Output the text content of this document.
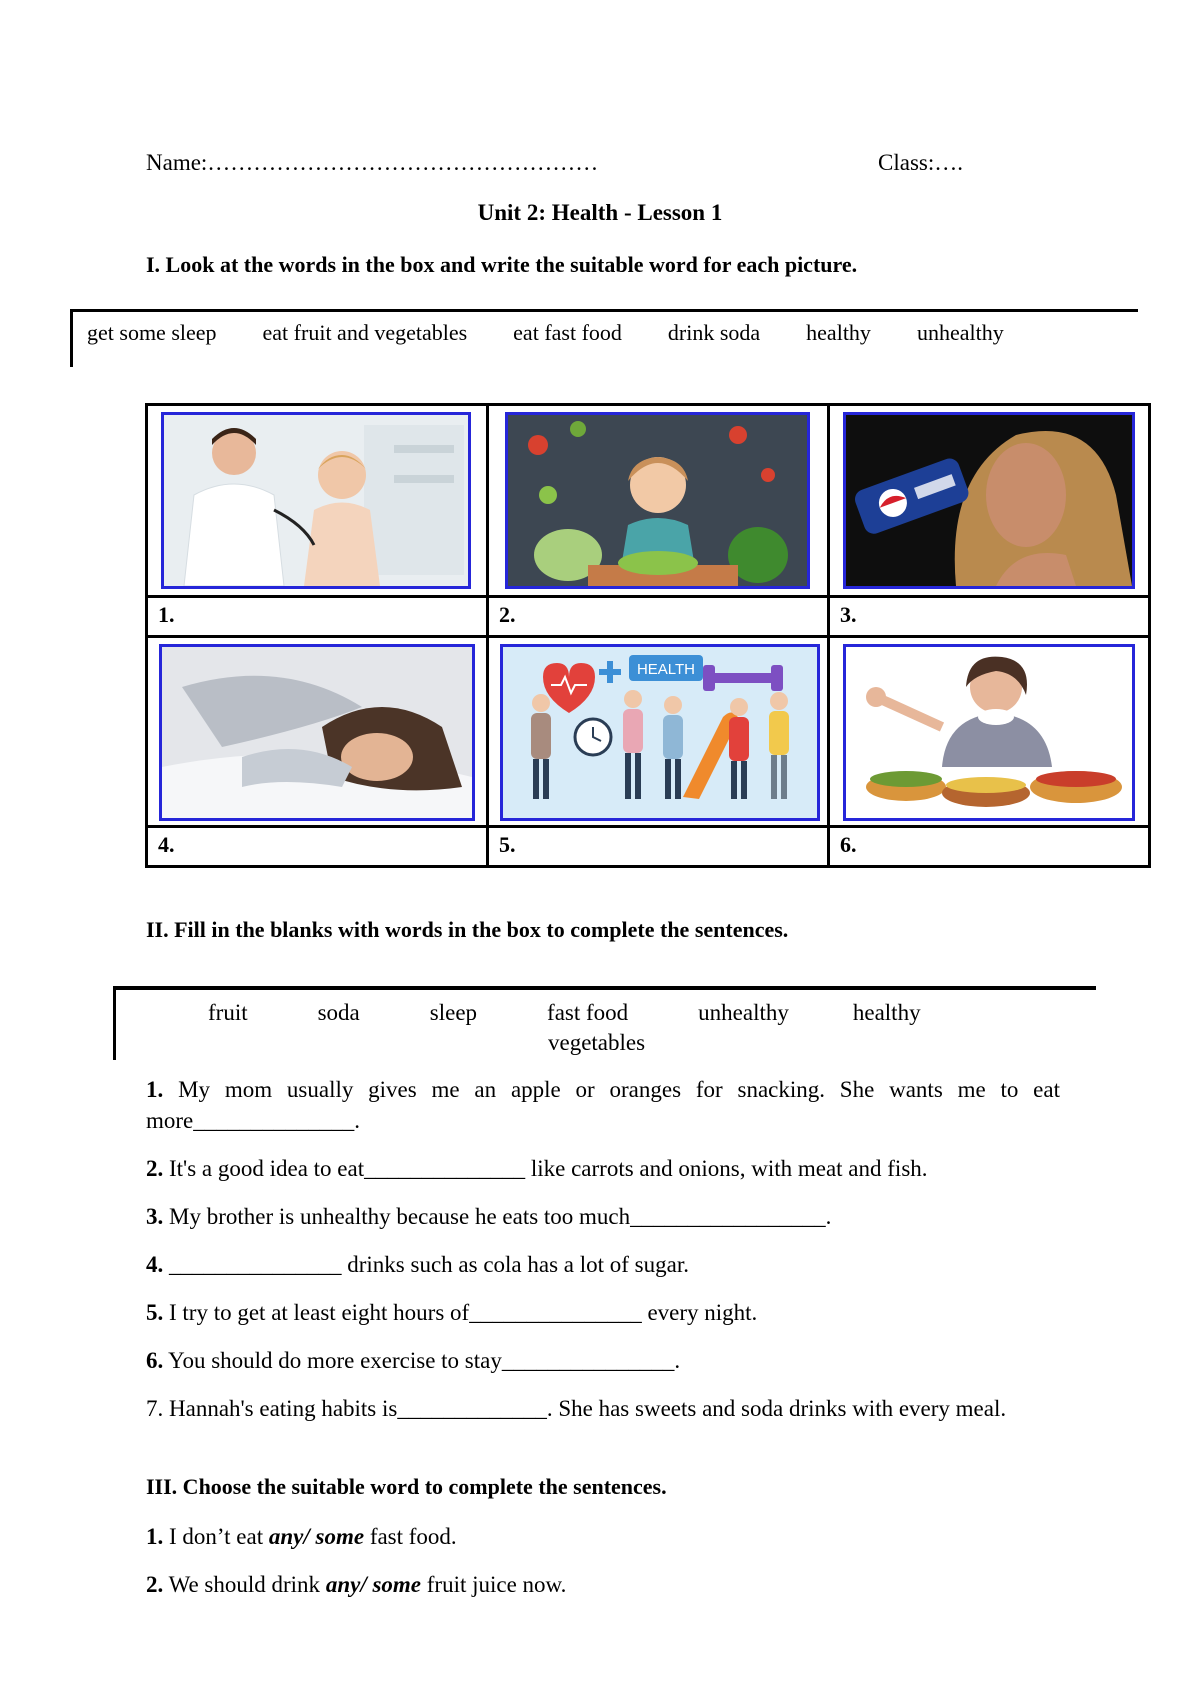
Name:……………………………………………	Class:….
Unit 2: Health - Lesson 1
I. Look at the words in the box and write the suitable word for each picture.
get some sleep eat fruit and vegetables eat fast food drink soda healthy unhealthy
1.	2.	3.
HEALTH
4.	5.	6.
II. Fill in the blanks with words in the box to complete the sentences.
fruit	soda	sleep	fast food	unhealthy	healthy
vegetables
1. My mom usually gives me an apple or oranges for snacking. She wants me to eat more______________.
2. It's a good idea to eat______________ like carrots and onions, with meat and fish.
3. My brother is unhealthy because he eats too much_________________.
4. _______________ drinks such as cola has a lot of sugar.
5. I try to get at least eight hours of_______________ every night.
6. You should do more exercise to stay_______________.
7. Hannah's eating habits is_____________. She has sweets and soda drinks with every meal.
III. Choose the suitable word to complete the sentences.
1. I don’t eat any/ some fast food.
2. We should drink any/ some fruit juice now.
